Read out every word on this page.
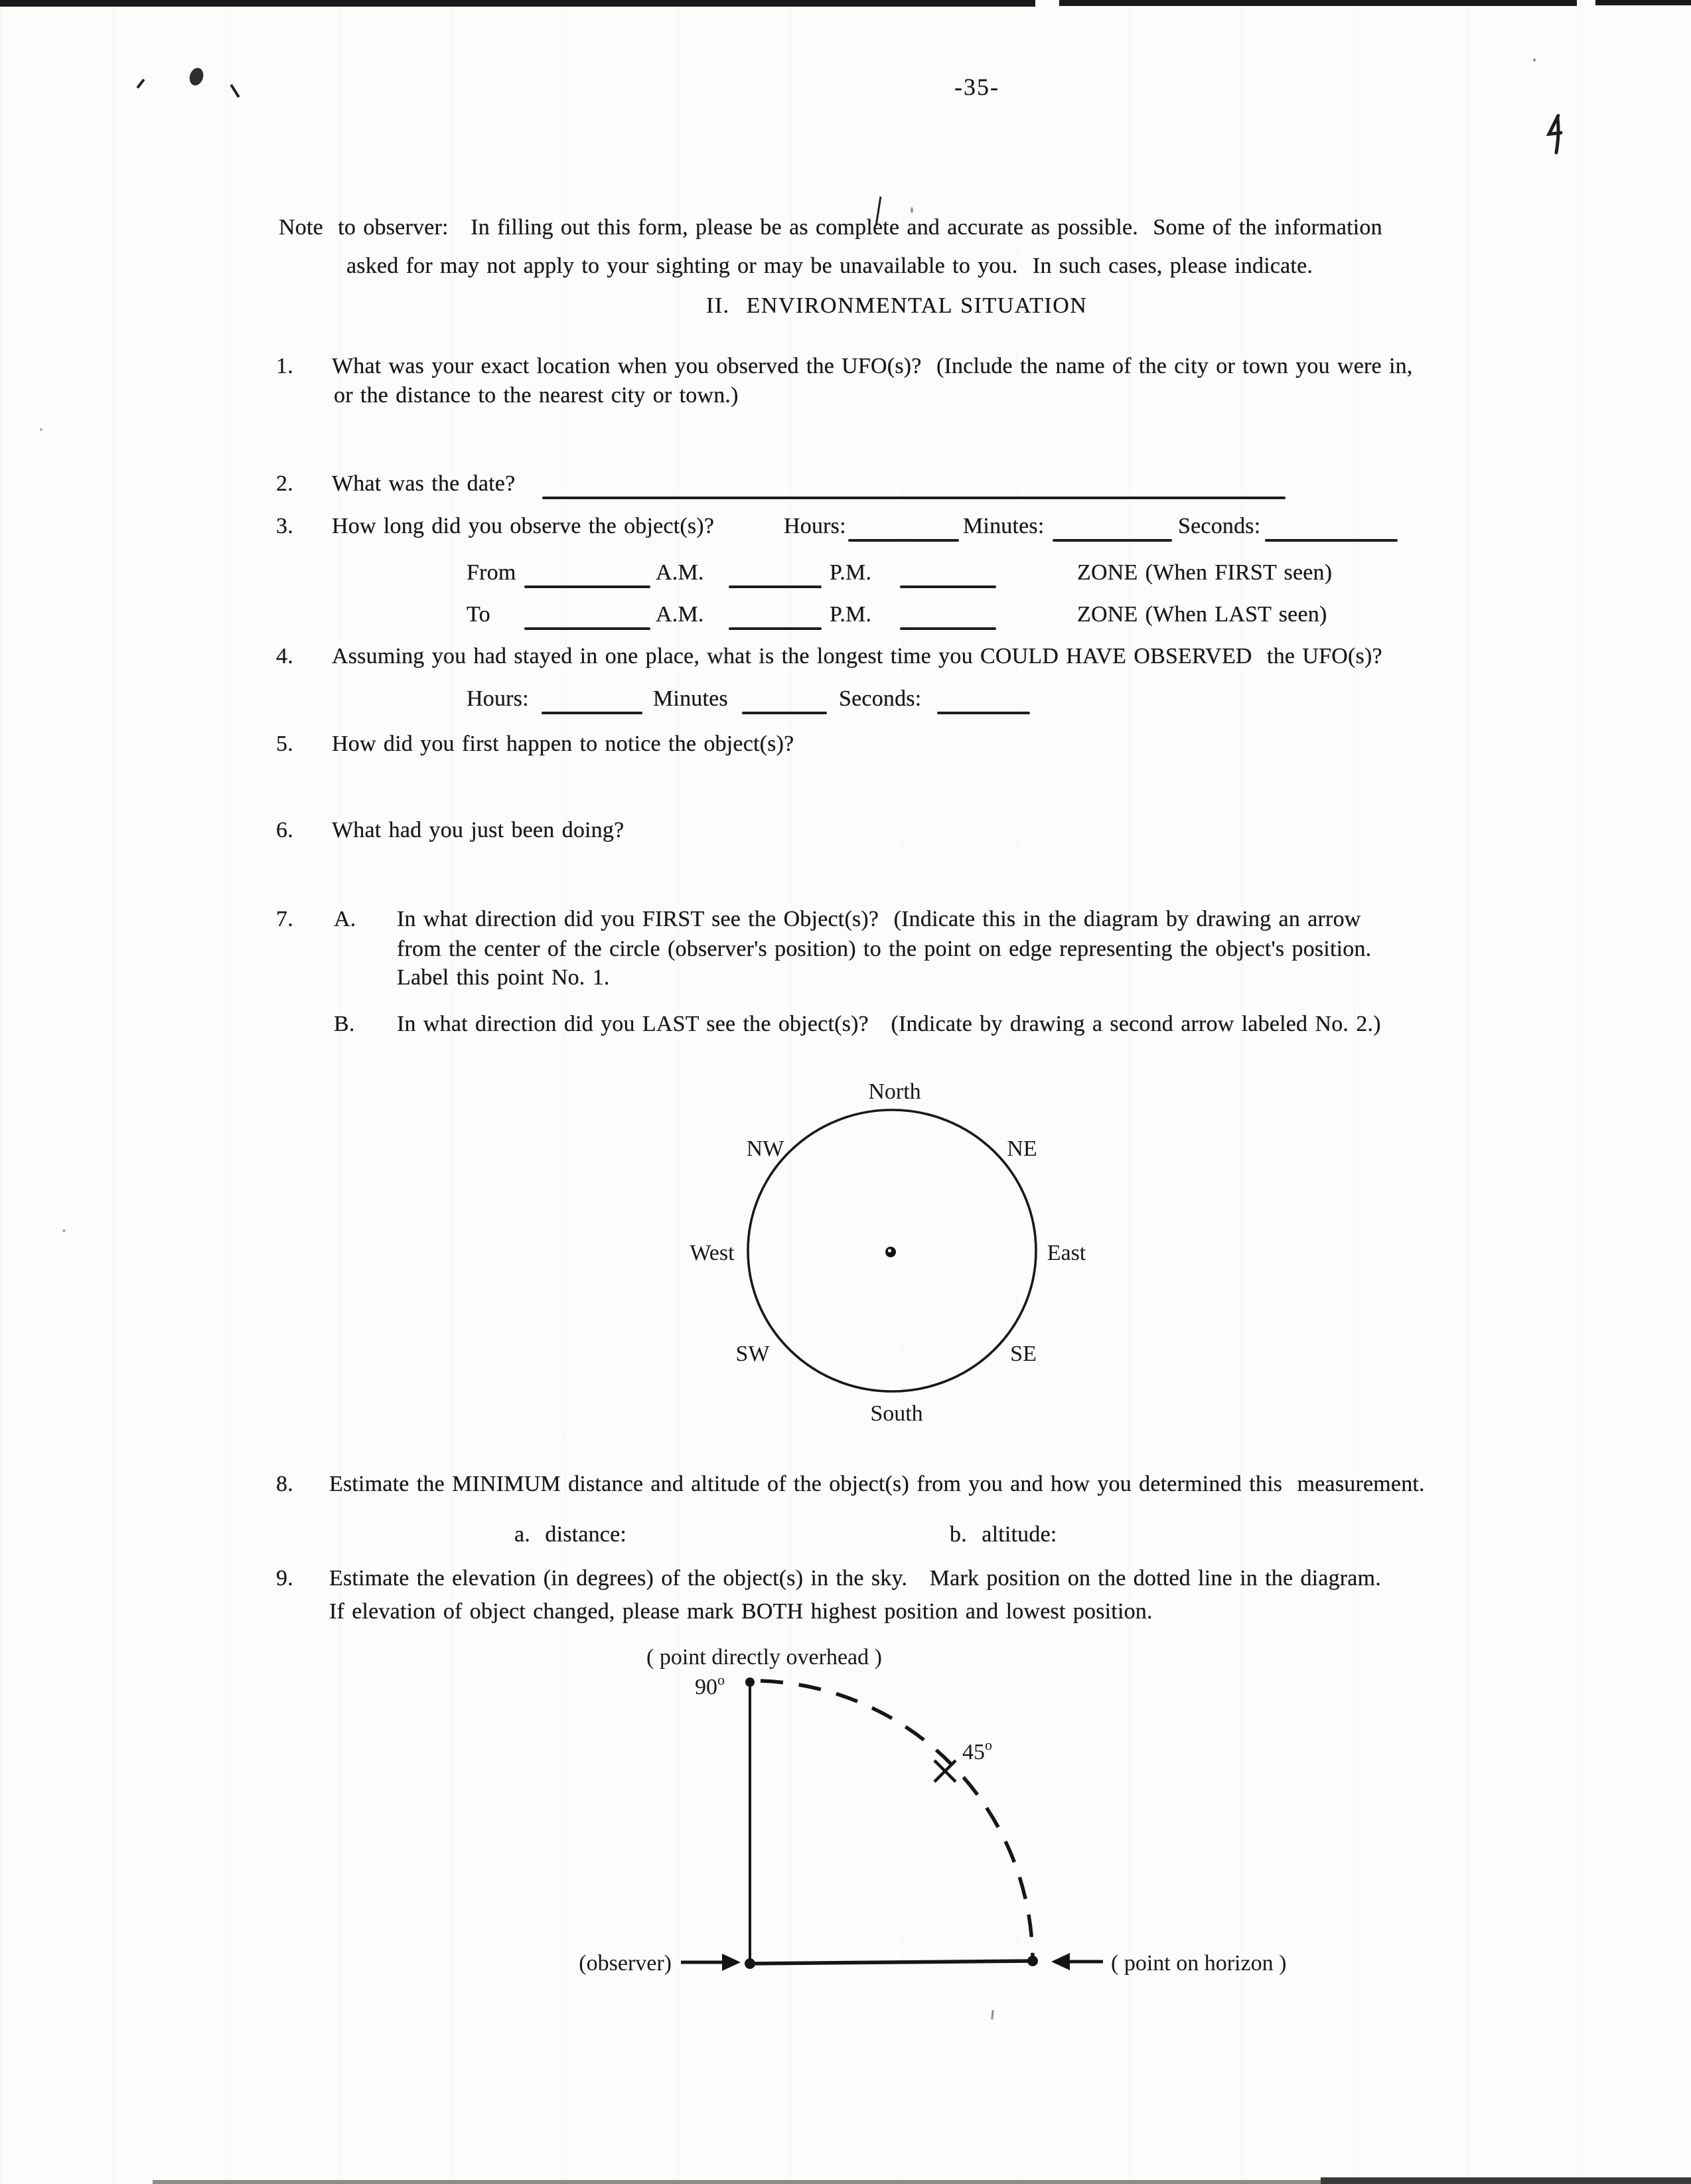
-35-
Note  to observer:   In filling out this form, please be as complete and accurate as possible.  Some of the information
asked for may not apply to your sighting or may be unavailable to you.  In such cases, please indicate.
II.  ENVIRONMENTAL SITUATION
1. What was your exact location when you observed the UFO(s)?  (Include the name of the city or town you were in,
or the distance to the nearest city or town.)
2. What was the date?
3. How long did you observe the object(s)?	Hours:	Minutes:	Seconds:
From	A.M.	P.M.	ZONE (When FIRST seen)
To	A.M.	P.M.	ZONE (When LAST seen)
4. Assuming you had stayed in one place, what is the longest time you COULD HAVE OBSERVED  the UFO(s)?
Hours:	Minutes	Seconds:
5. How did you first happen to notice the object(s)?
6. What had you just been doing?
7. A. In what direction did you FIRST see the Object(s)?  (Indicate this in the diagram by drawing an arrow
from the center of the circle (observer's position) to the point on edge representing the object's position.
Label this point No. 1.
B. In what direction did you LAST see the object(s)?   (Indicate by drawing a second arrow labeled No. 2.)
North
NW	NE
West	East
SW	SE
South
8. Estimate the MINIMUM distance and altitude of the object(s) from you and how you determined this  measurement.
a.  distance:	b.  altitude:
9. Estimate the elevation (in degrees) of the object(s) in the sky.   Mark position on the dotted line in the diagram.
If elevation of object changed, please mark BOTH highest position and lowest position.
( point directly overhead )
90$^o$
45$^o$
(observer)	( point on horizon )
